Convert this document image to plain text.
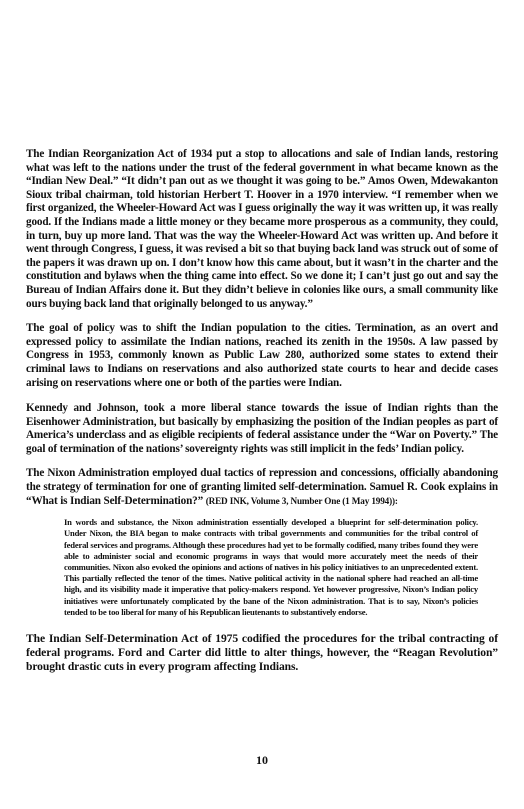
The Indian Reorganization Act of 1934 put a stop to allocations and sale of Indian lands, restoring what was left to the nations under the trust of the federal government in what became known as the “Indian New Deal.” “It didn’t pan out as we thought it was going to be.” Amos Owen, Mdewakanton Sioux tribal chairman, told historian Herbert T. Hoover in a 1970 interview. “I remember when we first organized, the Wheeler-Howard Act was I guess originally the way it was written up, it was really good. If the Indians made a little money or they became more prosperous as a community, they could, in turn, buy up more land. That was the way the Wheeler-Howard Act was written up. And before it went through Congress, I guess, it was revised a bit so that buying back land was struck out of some of the papers it was drawn up on. I don’t know how this came about, but it wasn’t in the charter and the constitution and bylaws when the thing came into effect. So we done it; I can’t just go out and say the Bureau of Indian Affairs done it. But they didn’t believe in colonies like ours, a small community like ours buying back land that originally belonged to us anyway.”

The goal of policy was to shift the Indian population to the cities. Termination, as an overt and expressed policy to assimilate the Indian nations, reached its zenith in the 1950s. A law passed by Congress in 1953, commonly known as Public Law 280, authorized some states to extend their criminal laws to Indians on reservations and also authorized state courts to hear and decide cases arising on reservations where one or both of the parties were Indian.

Kennedy and Johnson, took a more liberal stance towards the issue of Indian rights than the Eisenhower Administration, but basically by emphasizing the position of the Indian peoples as part of America’s underclass and as eligible recipients of federal assistance under the “War on Poverty.” The goal of termination of the nations’ sovereignty rights was still implicit in the feds’ Indian policy.

The Nixon Administration employed dual tactics of repression and concessions, officially abandoning the strategy of termination for one of granting limited self-determination. Samuel R. Cook explains in “What is Indian Self-Determination?” (RED INK, Volume 3, Number One (1 May 1994)):

In words and substance, the Nixon administration essentially developed a blueprint for self-determination policy. Under Nixon, the BIA began to make contracts with tribal governments and communities for the tribal control of federal services and programs. Although these procedures had yet to be formally codified, many tribes found they were able to administer social and economic programs in ways that would more accurately meet the needs of their communities. Nixon also evoked the opinions and actions of natives in his policy initiatives to an unprecedented extent. This partially reflected the tenor of the times. Native political activity in the national sphere had reached an all-time high, and its visibility made it imperative that policy-makers respond. Yet however progressive, Nixon’s Indian policy initiatives were unfortunately complicated by the bane of the Nixon administration. That is to say, Nixon’s policies tended to be too liberal for many of his Republican lieutenants to substantively endorse.

The Indian Self-Determination Act of 1975 codified the procedures for the tribal contracting of federal programs. Ford and Carter did little to alter things, however, the “Reagan Revolution” brought drastic cuts in every program affecting Indians.

10
